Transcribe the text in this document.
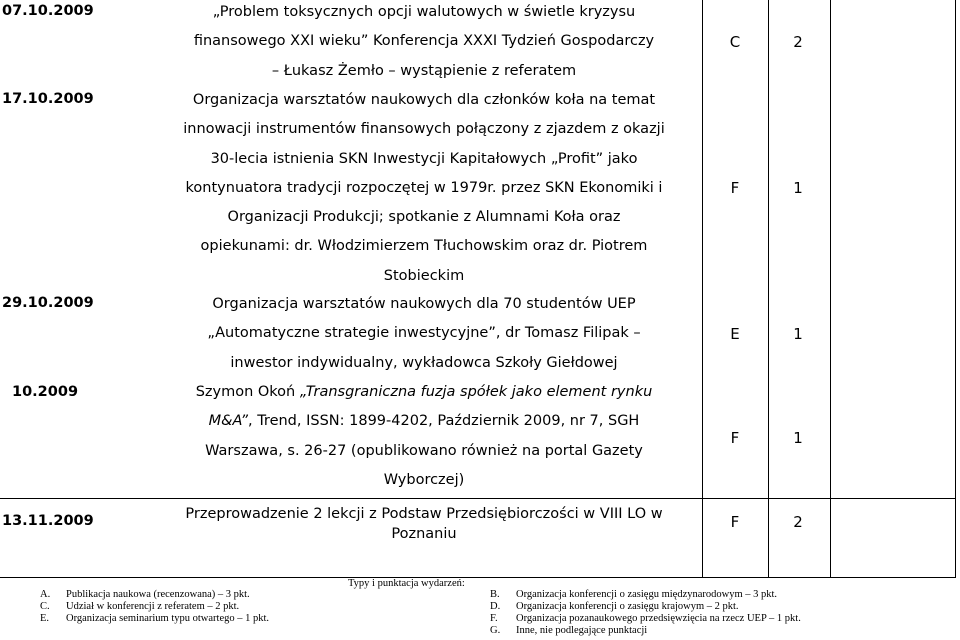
07.10.2009	„Problem toksycznych opcji walutowych w świetle kryzysu
finansowego XXI wieku” Konferencja XXXI Tydzień Gospodarczy
– Łukasz Żemło – wystąpienie z referatem
C	2
17.10.2009	Organizacja warsztatów naukowych dla członków koła na temat
innowacji instrumentów finansowych połączony z zjazdem z okazji
30-lecia istnienia SKN Inwestycji Kapitałowych „Profit” jako
kontynuatora tradycji rozpoczętej w 1979r. przez SKN Ekonomiki i
Organizacji Produkcji; spotkanie z Alumnami Koła oraz
opiekunami: dr. Włodzimierzem Tłuchowskim oraz dr. Piotrem
Stobieckim
F	1
29.10.2009	Organizacja warsztatów naukowych dla 70 studentów UEP
„Automatyczne strategie inwestycyjne”, dr Tomasz Filipak –
inwestor indywidualny, wykładowca Szkoły Giełdowej
E	1
10.2009	Szymon Okoń „Transgraniczna fuzja spółek jako element rynku
M&A”, Trend, ISSN: 1899-4202, Październik 2009, nr 7, SGH
Warszawa, s. 26-27 (opublikowano również na portal Gazety
Wyborczej)
F	1
13.11.2009	Przeprowadzenie 2 lekcji z Podstaw Przedsiębiorczości w VIII LO w
Poznaniu
F	2
Typy i punktacja wydarzeń:
A. Publikacja naukowa (recenzowana) – 3 pkt.
C. Udział w konferencji z referatem – 2 pkt.
E. Organizacja seminarium typu otwartego – 1 pkt.
B. Organizacja konferencji o zasięgu międzynarodowym – 3 pkt.
D. Organizacja konferencji o zasięgu krajowym – 2 pkt.
F. Organizacja pozanaukowego przedsięwzięcia na rzecz UEP – 1 pkt.
G. Inne, nie podlegające punktacji
